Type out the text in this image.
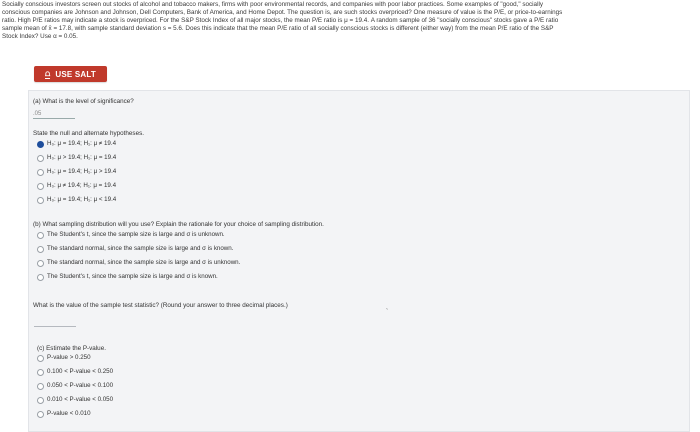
Socially conscious investors screen out stocks of alcohol and tobacco makers, firms with poor environmental records, and companies with poor labor practices. Some examples of "good," socially
conscious companies are Johnson and Johnson, Dell Computers, Bank of America, and Home Depot. The question is, are such stocks overpriced? One measure of value is the P/E, or price-to-earnings
ratio. High P/E ratios may indicate a stock is overpriced. For the S&P Stock Index of all major stocks, the mean P/E ratio is μ = 19.4. A random sample of 36 "socially conscious" stocks gave a P/E ratio
sample mean of x̄ = 17.8, with sample standard deviation s = 5.6. Does this indicate that the mean P/E ratio of all socially conscious stocks is different (either way) from the mean P/E ratio of the S&P
Stock Index? Use α = 0.05.
⩍ USE SALT
(a) What is the level of significance?
.05
State the null and alternate hypotheses.
H₀: μ = 19.4; H₁: μ ≠ 19.4
H₀: μ > 19.4; H₁: μ = 19.4
H₀: μ = 19.4; H₁: μ > 19.4
H₀: μ ≠ 19.4; H₁: μ = 19.4
H₀: μ = 19.4; H₁: μ < 19.4
(b) What sampling distribution will you use? Explain the rationale for your choice of sampling distribution.
The Student's t, since the sample size is large and σ is unknown.
The standard normal, since the sample size is large and σ is known.
The standard normal, since the sample size is large and σ is unknown.
The Student's t, since the sample size is large and σ is known.
What is the value of the sample test statistic? (Round your answer to three decimal places.)	ˎ
(c) Estimate the P-value.
P-value > 0.250
0.100 < P-value < 0.250
0.050 < P-value < 0.100
0.010 < P-value < 0.050
P-value < 0.010
